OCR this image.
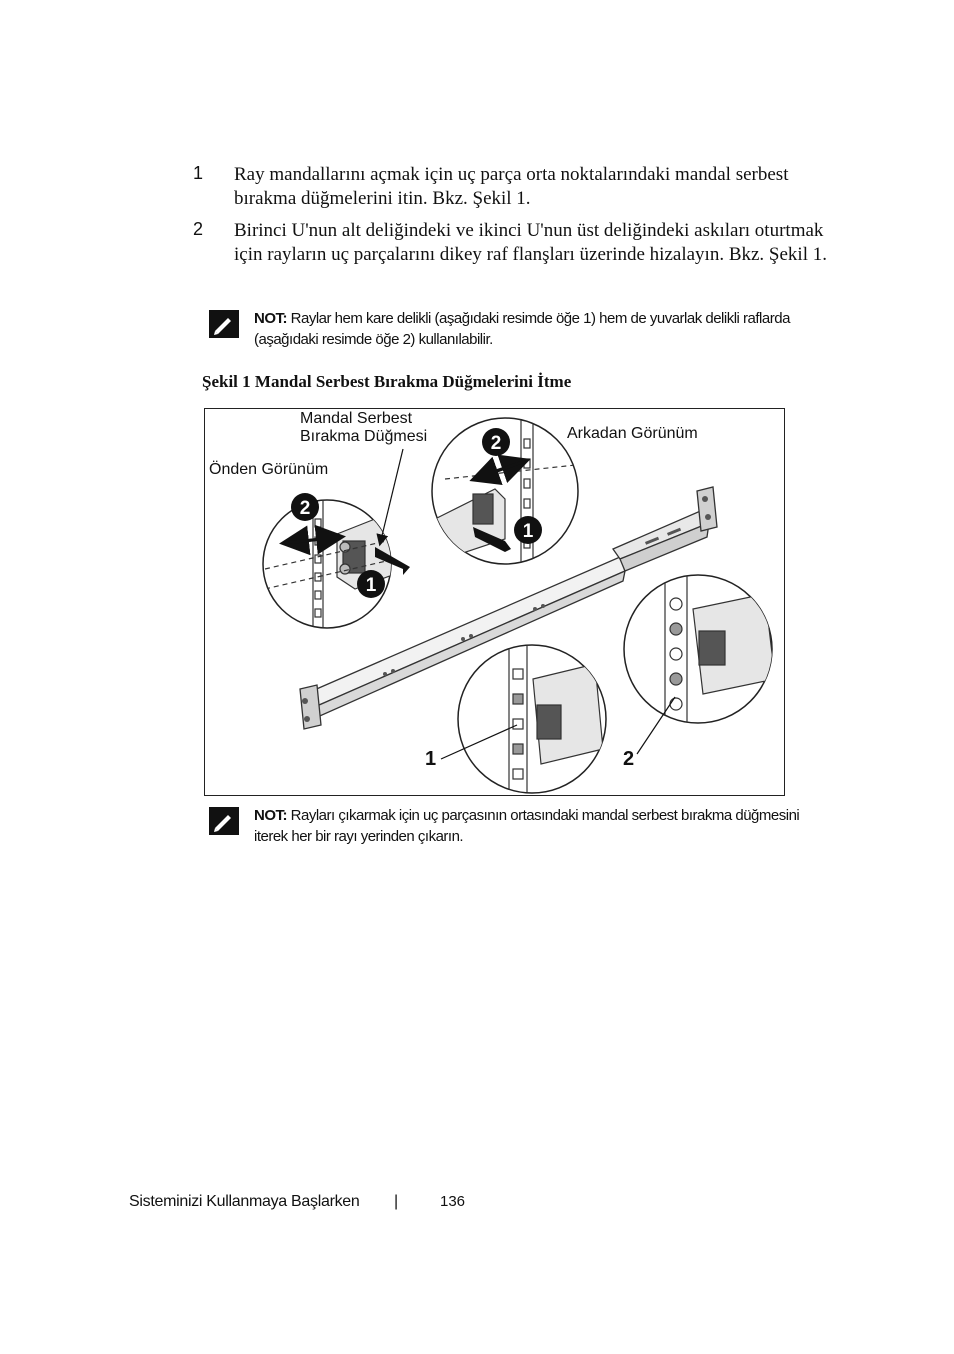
1 Ray mandallarını açmak için uç parça orta noktalarındaki mandal serbest bırakma düğmelerini itin. Bkz. Şekil 1.
2 Birinci U'nun alt deliğindeki ve ikinci U'nun üst deliğindeki askıları oturtmak için rayların uç parçalarını dikey raf flanşları üzerinde hizalayın. Bkz. Şekil 1.
NOT: Raylar hem kare delikli (aşağıdaki resimde öğe 1) hem de yuvarlak delikli raflarda (aşağıdaki resimde öğe 2) kullanılabilir.
Şekil 1 Mandal Serbest Bırakma Düğmelerini İtme
2
1
2
1
Mandal Serbest
Bırakma Düğmesi	Arkadan Görünüm
Önden Görünüm
1	2
NOT: Rayları çıkarmak için uç parçasının ortasındaki mandal serbest bırakma düğmesini iterek her bir rayı yerinden çıkarın.
Sisteminizi Kullanmaya Başlarken |	136
